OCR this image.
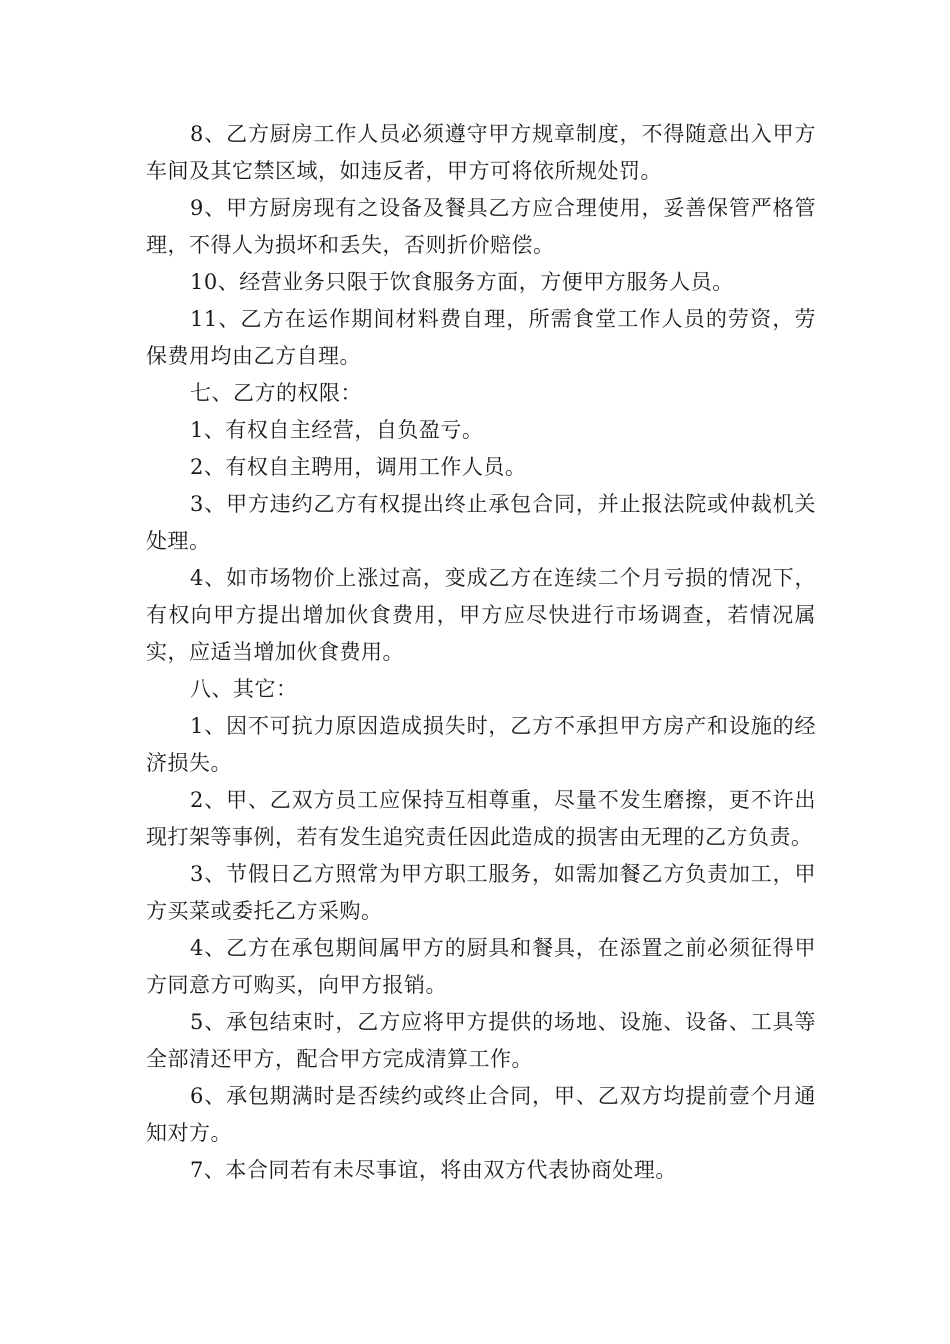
8、乙方厨房工作人员必须遵守甲方规章制度，不得随意出入甲方车间及其它禁区域，如违反者，甲方可将依所规处罚。

9、甲方厨房现有之设备及餐具乙方应合理使用，妥善保管严格管理，不得人为损坏和丢失，否则折价赔偿。

10、经营业务只限于饮食服务方面，方便甲方服务人员。

11、乙方在运作期间材料费自理，所需食堂工作人员的劳资，劳保费用均由乙方自理。

七、乙方的权限：

1、有权自主经营，自负盈亏。

2、有权自主聘用，调用工作人员。

3、甲方违约乙方有权提出终止承包合同，并止报法院或仲裁机关处理。

4、如市场物价上涨过高，变成乙方在连续二个月亏损的情况下，有权向甲方提出增加伙食费用，甲方应尽快进行市场调查，若情况属实，应适当增加伙食费用。

八、其它：

1、因不可抗力原因造成损失时，乙方不承担甲方房产和设施的经济损失。

2、甲、乙双方员工应保持互相尊重，尽量不发生磨擦，更不许出现打架等事例，若有发生追究责任因此造成的损害由无理的乙方负责。

3、节假日乙方照常为甲方职工服务，如需加餐乙方负责加工，甲方买菜或委托乙方采购。

4、乙方在承包期间属甲方的厨具和餐具，在添置之前必须征得甲方同意方可购买，向甲方报销。

5、承包结束时，乙方应将甲方提供的场地、设施、设备、工具等全部清还甲方，配合甲方完成清算工作。

6、承包期满时是否续约或终止合同，甲、乙双方均提前壹个月通知对方。

7、本合同若有未尽事谊，将由双方代表协商处理。
